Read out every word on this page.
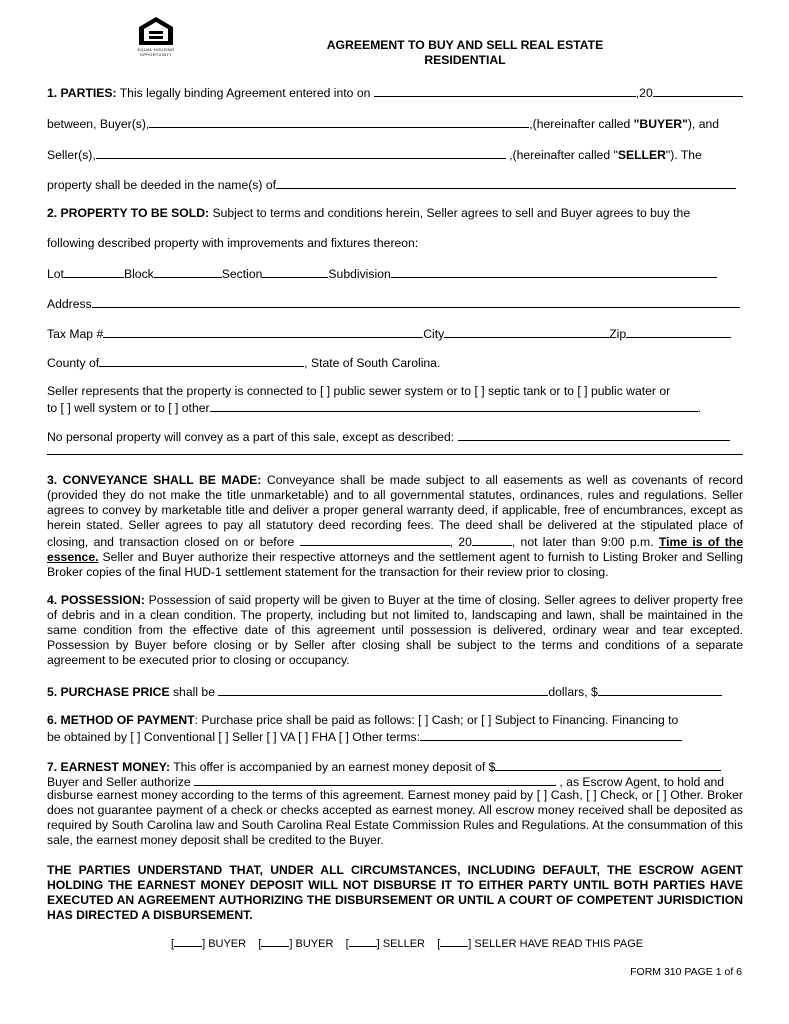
EQUAL HOUSING
OPPORTUNITY
AGREEMENT TO BUY AND SELL REAL ESTATE
RESIDENTIAL
1. PARTIES: This legally binding Agreement entered into on	,20
between, Buyer(s),	,(hereinafter called "BUYER"), and
Seller(s),	,(hereinafter called "SELLER"). The
property shall be deeded in the name(s) of
2. PROPERTY TO BE SOLD: Subject to terms and conditions herein, Seller agrees to sell and Buyer agrees to buy the
following described property with improvements and fixtures thereon:
Lot	Block	Section	Subdivision
Address
Tax Map #	City	Zip
County of	, State of South Carolina.
Seller represents that the property is connected to [ ] public sewer system or to [ ] septic tank or to [ ] public water or
to [ ] well system or to [ ] other	.
No personal property will convey as a part of this sale, except as described:
3. CONVEYANCE SHALL BE MADE: Conveyance shall be made subject to all easements as well as covenants of record (provided they do not make the title unmarketable) and to all governmental statutes, ordinances, rules and regulations. Seller agrees to convey by marketable title and deliver a proper general warranty deed, if applicable, free of encumbrances, except as herein stated. Seller agrees to pay all statutory deed recording fees. The deed shall be delivered at the stipulated place of closing, and transaction closed on or before	, 20	, not later than 9:00 p.m. Time is of the essence. Seller and Buyer authorize their respective attorneys and the settlement agent to furnish to Listing Broker and Selling Broker copies of the final HUD-1 settlement statement for the transaction for their review prior to closing.
4. POSSESSION: Possession of said property will be given to Buyer at the time of closing. Seller agrees to deliver property free of debris and in a clean condition. The property, including but not limited to, landscaping and lawn, shall be maintained in the same condition from the effective date of this agreement until possession is delivered, ordinary wear and tear excepted. Possession by Buyer before closing or by Seller after closing shall be subject to the terms and conditions of a separate agreement to be executed prior to closing or occupancy.
5. PURCHASE PRICE shall be	dollars, $
6. METHOD OF PAYMENT: Purchase price shall be paid as follows: [ ] Cash; or [ ] Subject to Financing. Financing to
be obtained by [ ] Conventional [ ] Seller [ ] VA [ ] FHA [ ] Other terms:
7. EARNEST MONEY: This offer is accompanied by an earnest money deposit of $
Buyer and Seller authorize	, as Escrow Agent, to hold and
disburse earnest money according to the terms of this agreement. Earnest money paid by [ ] Cash, [ ] Check, or [ ] Other. Broker does not guarantee payment of a check or checks accepted as earnest money. All escrow money received shall be deposited as required by South Carolina law and South Carolina Real Estate Commission Rules and Regulations. At the consummation of this sale, the earnest money deposit shall be credited to the Buyer.
THE PARTIES UNDERSTAND THAT, UNDER ALL CIRCUMSTANCES, INCLUDING DEFAULT, THE ESCROW AGENT HOLDING THE EARNEST MONEY DEPOSIT WILL NOT DISBURSE IT TO EITHER PARTY UNTIL BOTH PARTIES HAVE EXECUTED AN AGREEMENT AUTHORIZING THE DISBURSEMENT OR UNTIL A COURT OF COMPETENT JURISDICTION HAS DIRECTED A DISBURSEMENT.
[	] BUYER    [	] BUYER    [	] SELLER    [	] SELLER HAVE READ THIS PAGE
FORM 310 PAGE 1 of 6
